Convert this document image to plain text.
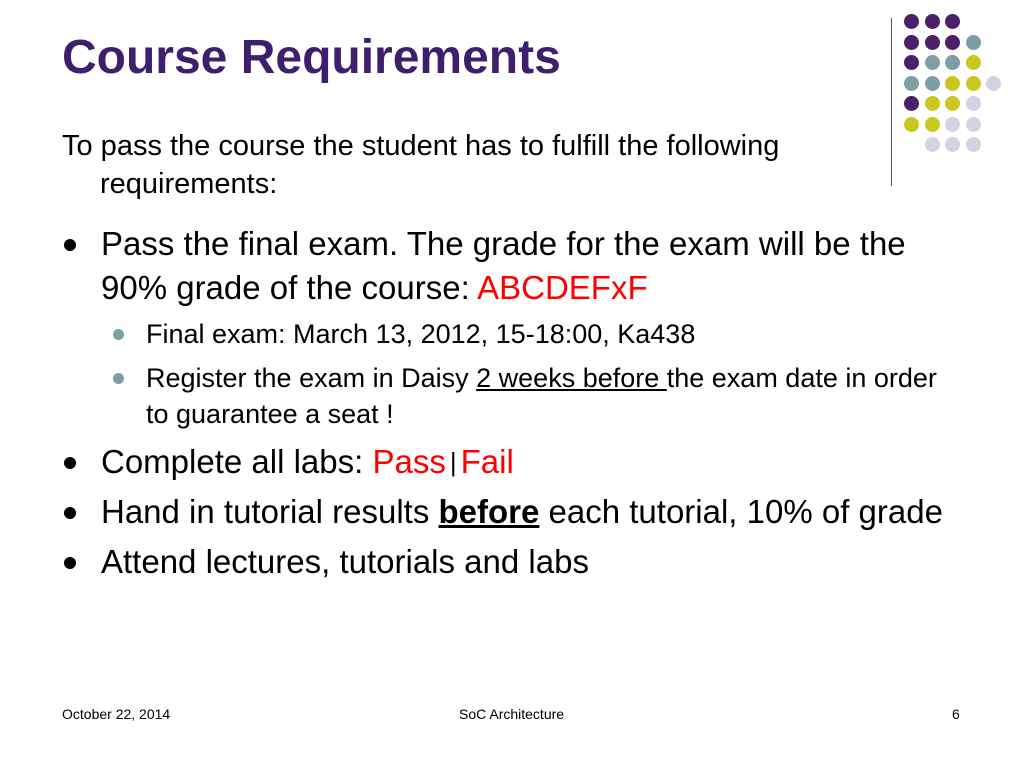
Course Requirements
To pass the course the student has to fulfill the following
requirements:
Pass the final exam. The grade for the exam will be the 90% grade of the course: ABCDEFxF
Final exam: March 13, 2012, 15-18:00, Ka438
Register the exam in Daisy 2 weeks before the exam date in order to guarantee a seat !
Complete all labs: Pass | Fail
Hand in tutorial results before each tutorial, 10% of grade
Attend lectures, tutorials and labs
October 22, 2014	SoC Architecture	6
